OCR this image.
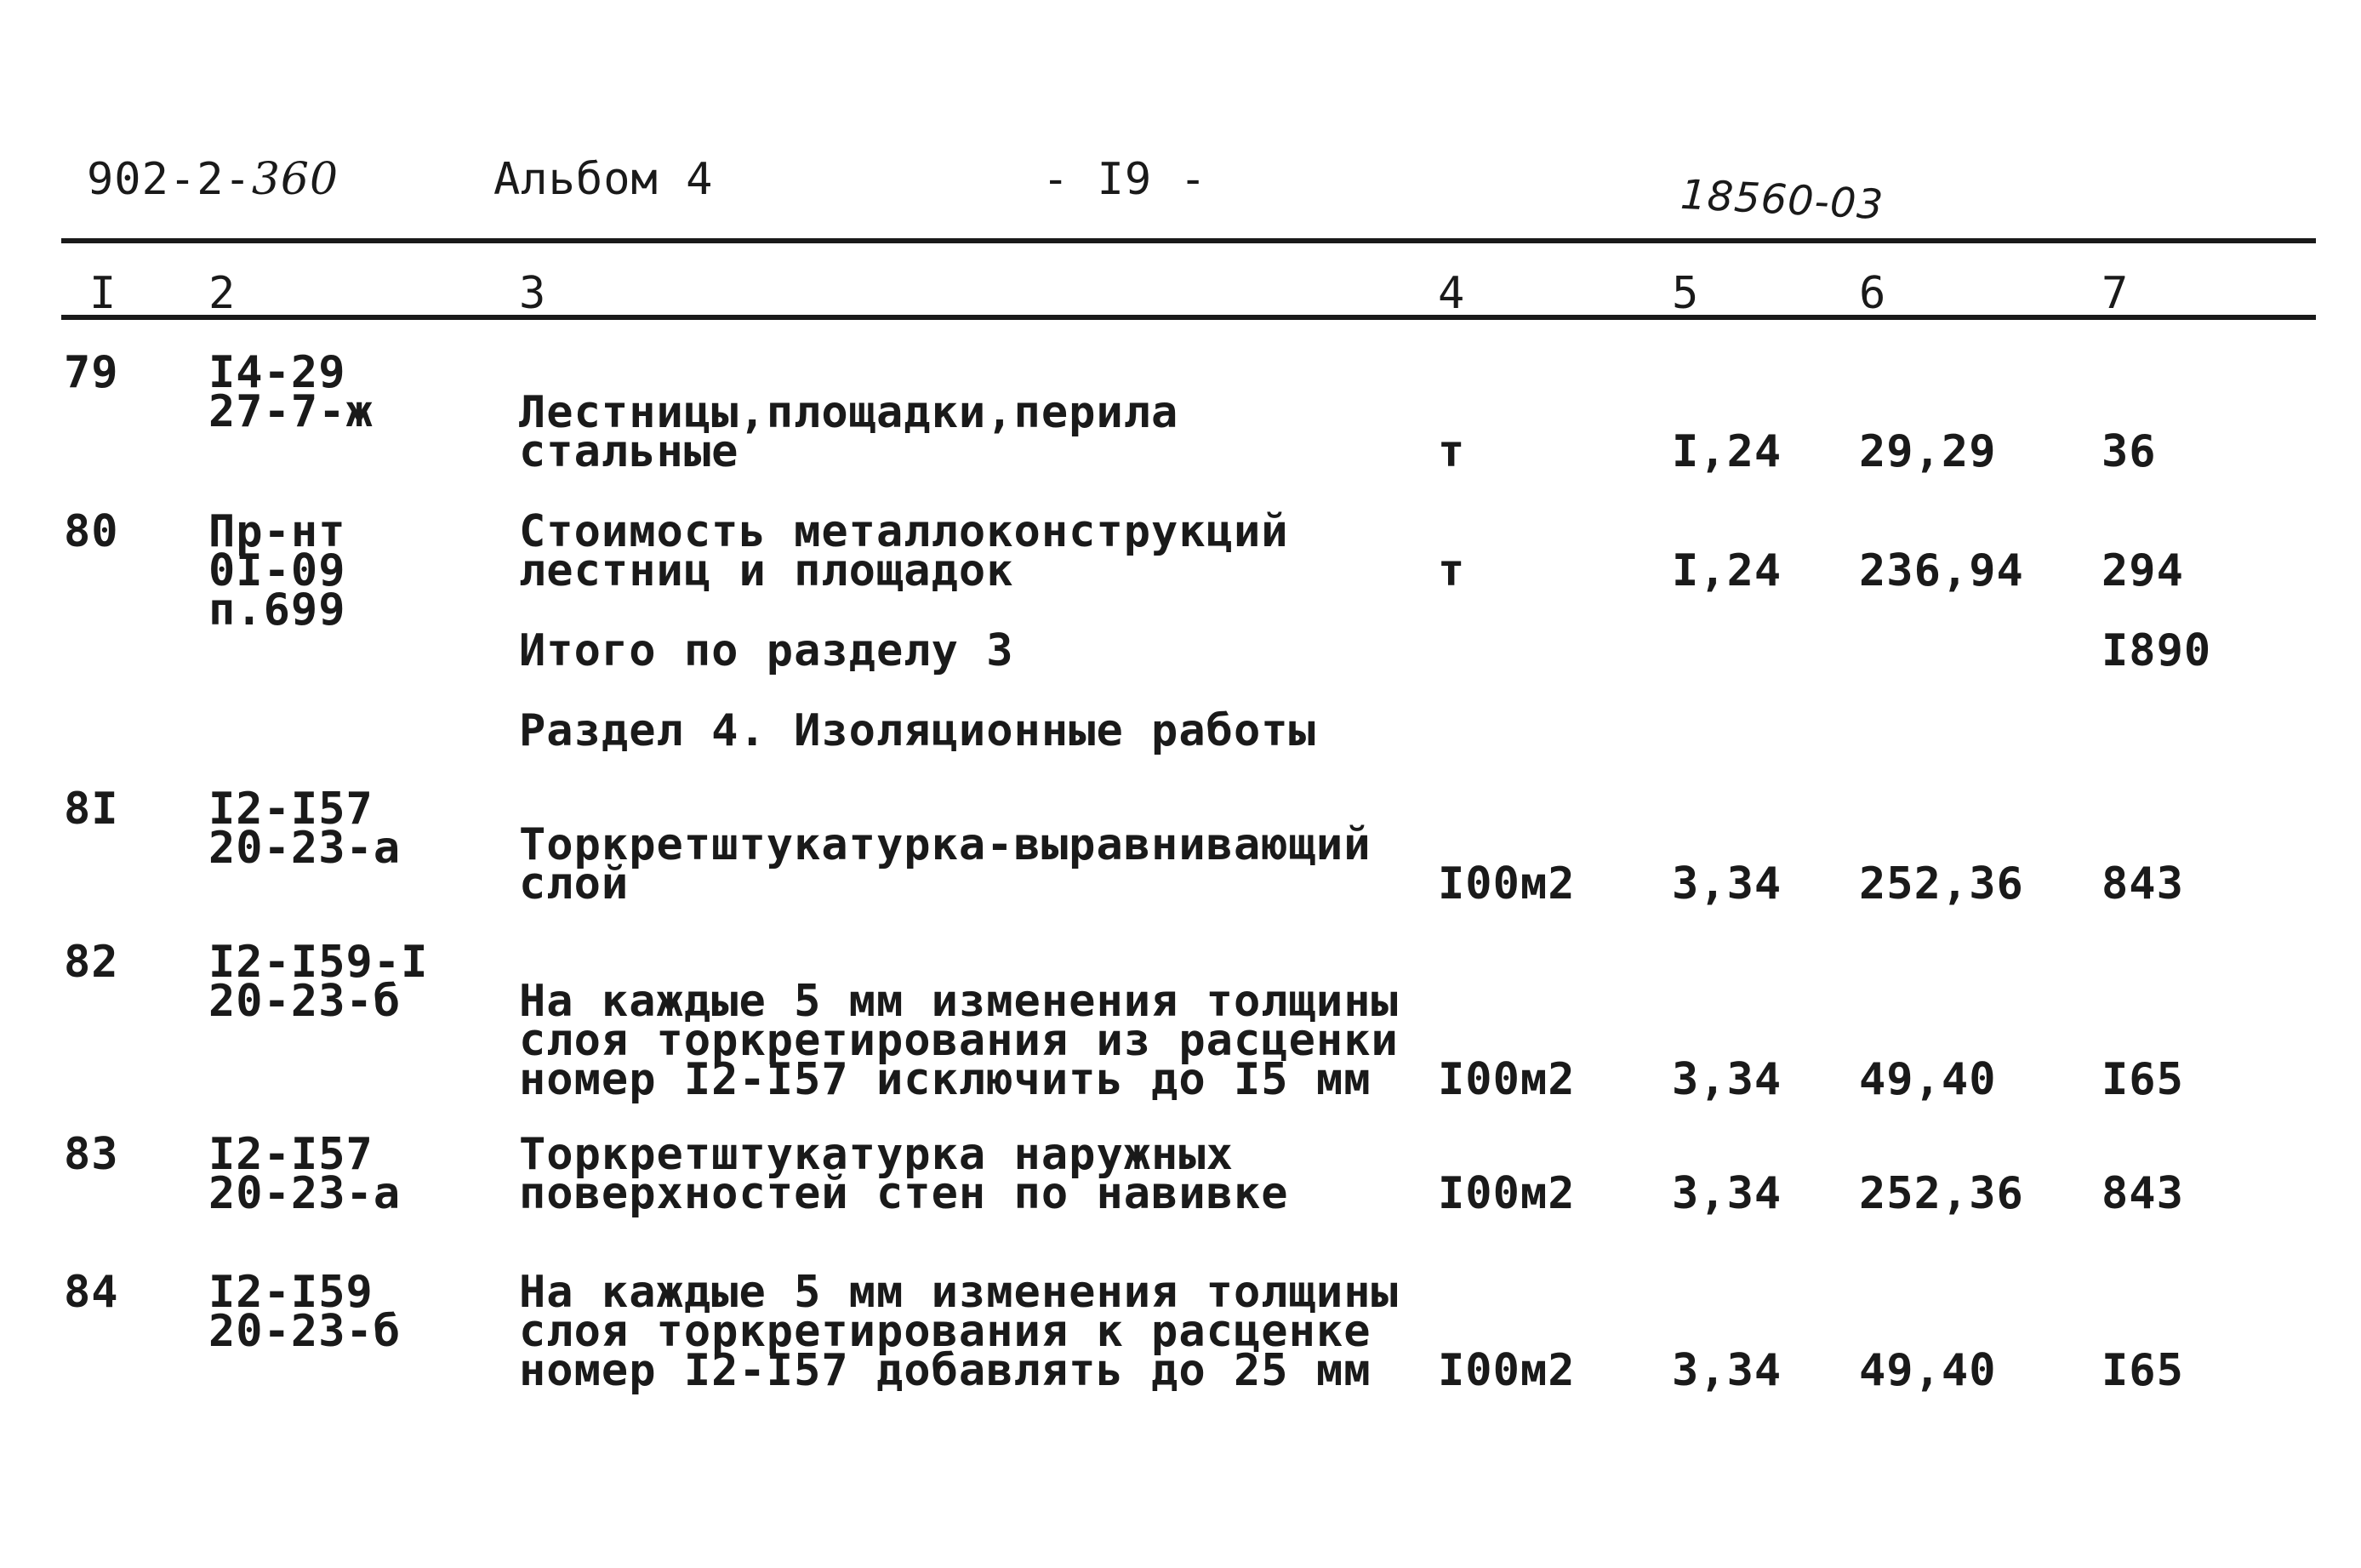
902-2-360	Альбом 4	- I9 -	18560-03
I 2	3	4	5	6	7
79 I4-29
27-7-ж	Лестницы,площадки,перила
стальные	т	I,24 29,29 36
80 Пр-нт
0I-09
п.699
Стоимость металлоконструкций
лестниц и площадок	т	I,24 236,94 294
Итого по разделу 3	I890
Раздел 4. Изоляционные работы
8I I2-I57
20-23-а	Торкретштукатурка-выравнивающий
слой	I00м2 3,34 252,36 843
82 I2-I59-I
20-23-б	На каждые 5 мм изменения толщины
слоя торкретирования из расценки
номер I2-I57 исключить до I5 мм	I00м2 3,34 49,40 I65
83 I2-I57
20-23-а
Торкретштукатурка наружных
поверхностей стен по навивке	I00м2 3,34 252,36 843
84 I2-I59
20-23-б
На каждые 5 мм изменения толщины
слоя торкретирования к расценке
номер I2-I57 добавлять до 25 мм	I00м2 3,34 49,40 I65
